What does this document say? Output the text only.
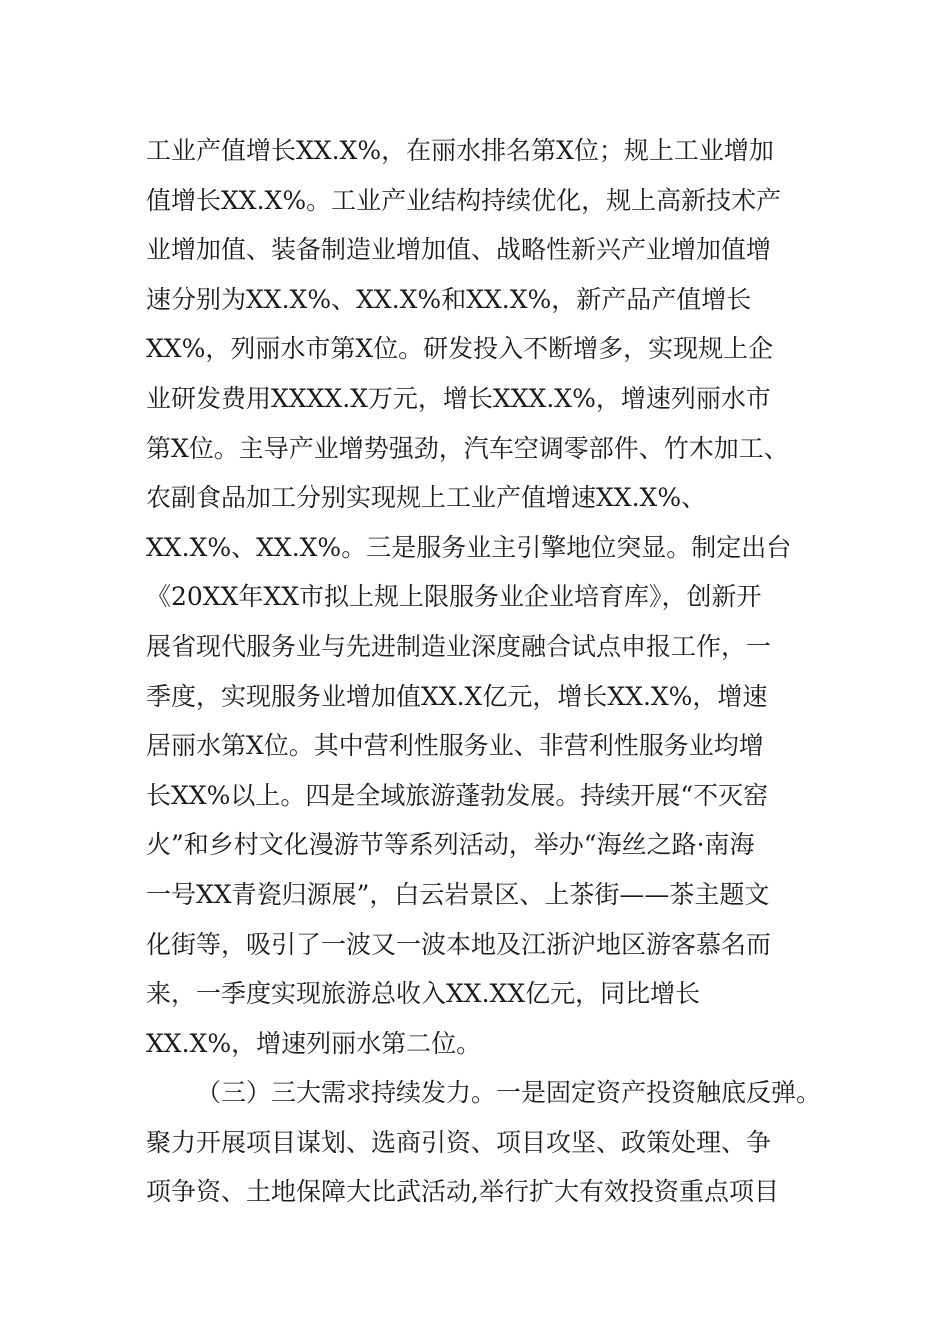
工业产值增长XX.X%，在丽水排名第X位；规上工业增加
值增长XX.X%。工业产业结构持续优化，规上高新技术产
业增加值、装备制造业增加值、战略性新兴产业增加值增
速分别为XX.X%、XX.X%和XX.X%，新产品产值增长
XX%，列丽水市第X位。研发投入不断增多，实现规上企
业研发费用XXXX.X万元，增长XXX.X%，增速列丽水市
第X位。主导产业增势强劲，汽车空调零部件、竹木加工、
农副食品加工分别实现规上工业产值增速XX.X%、
XX.X%、XX.X%。三是服务业主引擎地位突显。制定出台
《20XX年XX市拟上规上限服务业企业培育库》，创新开
展省现代服务业与先进制造业深度融合试点申报工作，一
季度，实现服务业增加值XX.X亿元，增长XX.X%，增速
居丽水第X位。其中营利性服务业、非营利性服务业均增
长XX%以上。四是全域旅游蓬勃发展。持续开展“不灭窑
火”和乡村文化漫游节等系列活动，举办“海丝之路·南海
一号XX青瓷归源展”，白云岩景区、上茶街——茶主题文
化街等，吸引了一波又一波本地及江浙沪地区游客慕名而
来，一季度实现旅游总收入XX.XX亿元，同比增长
XX.X%，增速列丽水第二位。
（三）三大需求持续发力。一是固定资产投资触底反弹。
聚力开展项目谋划、选商引资、项目攻坚、政策处理、争
项争资、土地保障大比武活动,举行扩大有效投资重点项目
